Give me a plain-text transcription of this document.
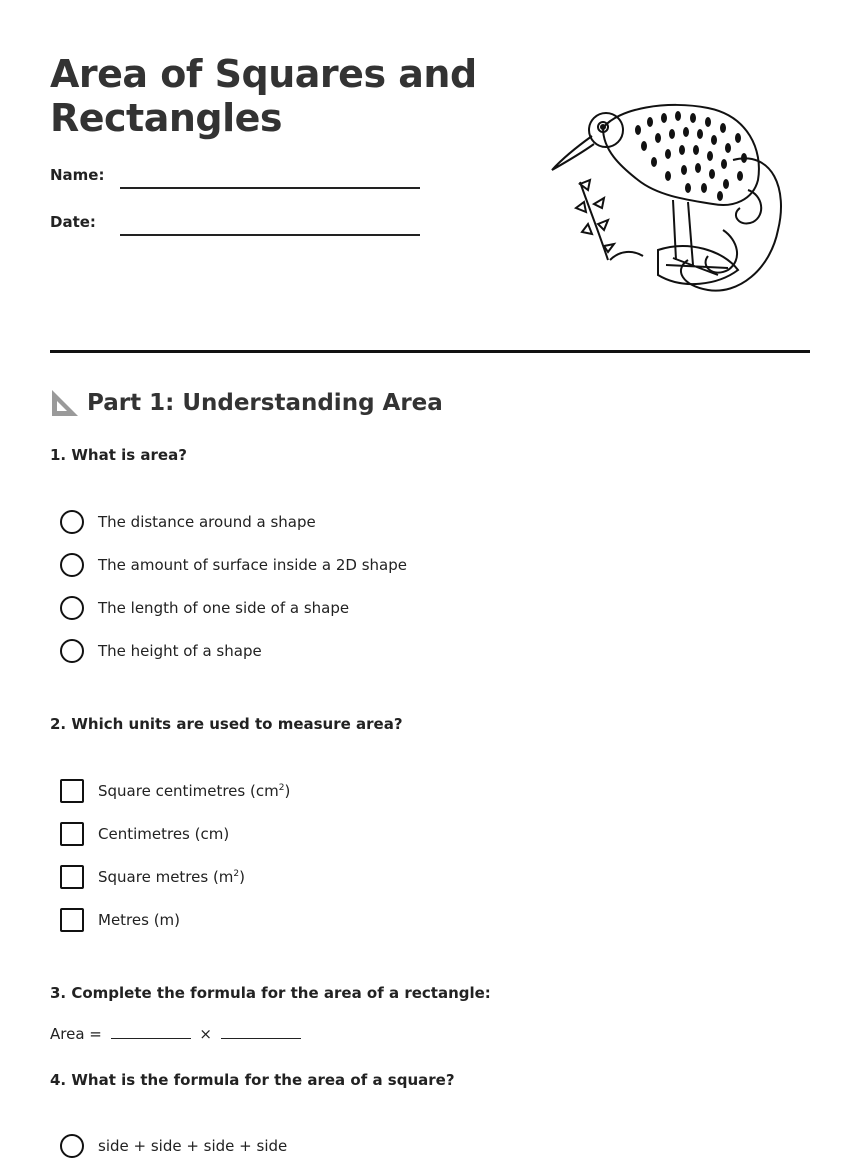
Area of Squares and Rectangles
Name:
Date:
Part 1: Understanding Area
1. What is area?
The distance around a shape
The amount of surface inside a 2D shape
The length of one side of a shape
The height of a shape
2. Which units are used to measure area?
Square centimetres $(cm^2)$
Centimetres (cm)
Square metres $(m^2)$
Metres (m)
3. Complete the formula for the area of a rectangle:
Area =	×
4. What is the formula for the area of a square?
side + side + side + side
